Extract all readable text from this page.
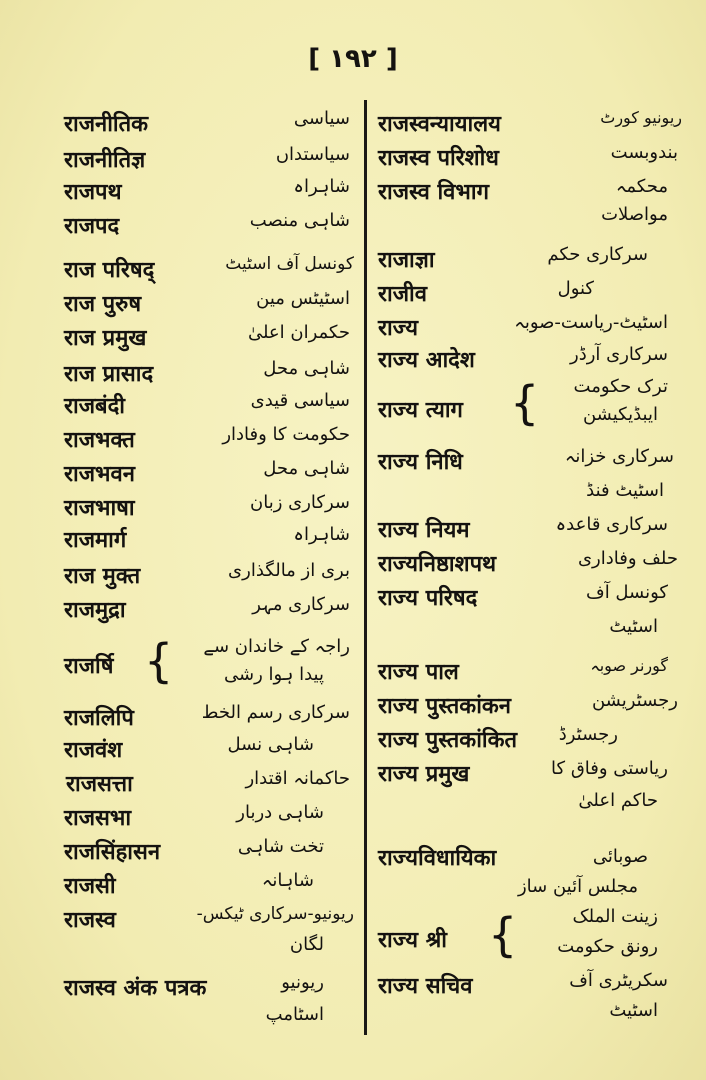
[ ۱۹۲ ]
राजनीतिक	سیاسی
राजनीतिज्ञ	سیاستداں
राजपथ	شاہراہ
राजपद	شاہی منصب
राज परिषद्	کونسل آف اسٹیٹ
राज पुरुष	اسٹیٹس مین
राज प्रमुख	حکمران اعلیٰ
राज प्रासाद	شاہی محل
राजबंदी	سیاسی قیدی
राजभक्त	حکومت کا وفادار
राजभवन	شاہی محل
राजभाषा	سرکاری زبان
राजमार्ग	شاہراہ
राज मुक्त	بری از مالگذاری
राजमुद्रा	سرکاری مہر
राजर्षि { راجہ کے خاندان سے
پیدا ہوا رشی
राजलिपि	سرکاری رسم الخط
राजवंश	شاہی نسل
राजसत्ता	حاکمانہ اقتدار
राजसभा	شاہی دربار
राजसिंहासन	تخت شاہی
राजसी	شاہانہ
राजस्व	ریونیو-سرکاری ٹیکس-
لگان
राजस्व अंक पत्रक	ریونیو
اسٹامپ
राजस्वन्यायालय	ریونیو کورٹ
राजस्व परिशोध	بندوبست
राजस्व विभाग	محکمہ
مواصلات
राजाज्ञा	سرکاری حکم
राजीव	کنول
राज्य	اسٹیٹ-ریاست-صوبہ
राज्य आदेश	سرکاری آرڈر
राज्य त्याग { ترک حکومت
ایبڈیکیشن
राज्य निधि	سرکاری خزانہ
اسٹیٹ فنڈ
राज्य नियम	سرکاری قاعدہ
राज्यनिष्ठाशपथ	حلف وفاداری
राज्य परिषद	کونسل آف
اسٹیٹ
राज्य पाल	گورنر صوبہ
राज्य पुस्तकांकन	رجسٹریشن
राज्य पुस्तकांकित رجسٹرڈ
राज्य प्रमुख	ریاستی وفاق کا
حاکم اعلیٰ
राज्यविधायिका	صوبائی
مجلس آئین ساز
राज्य श्री {	زینت الملک
رونق حکومت
राज्य सचिव	سکریٹری آف
اسٹیٹ
